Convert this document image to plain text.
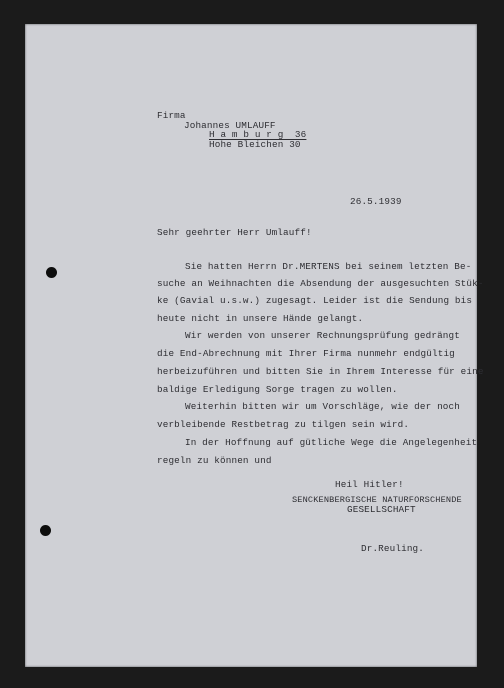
Firma
Johannes UMLAUFF
H a m b u r g  36
Hohe Bleichen 30
26.5.1939
Sehr geehrter Herr Umlauff!
Sie hatten Herrn Dr.MERTENS bei seinem letzten Be-
suche an Weihnachten die Absendung der ausgesuchten Stük-
ke (Gavial u.s.w.) zugesagt. Leider ist die Sendung bis
heute nicht in unsere Hände gelangt.
Wir werden von unserer Rechnungsprüfung gedrängt
die End-Abrechnung mit Ihrer Firma nunmehr endgültig
herbeizuführen und bitten Sie in Ihrem Interesse für eine
baldige Erledigung Sorge tragen zu wollen.
Weiterhin bitten wir um Vorschläge, wie der noch
verbleibende Restbetrag zu tilgen sein wird.
In der Hoffnung auf gütliche Wege die Angelegenheit
regeln zu können und
Heil Hitler!
SENCKENBERGISCHE NATURFORSCHENDE
GESELLSCHAFT
Dr.Reuling.
